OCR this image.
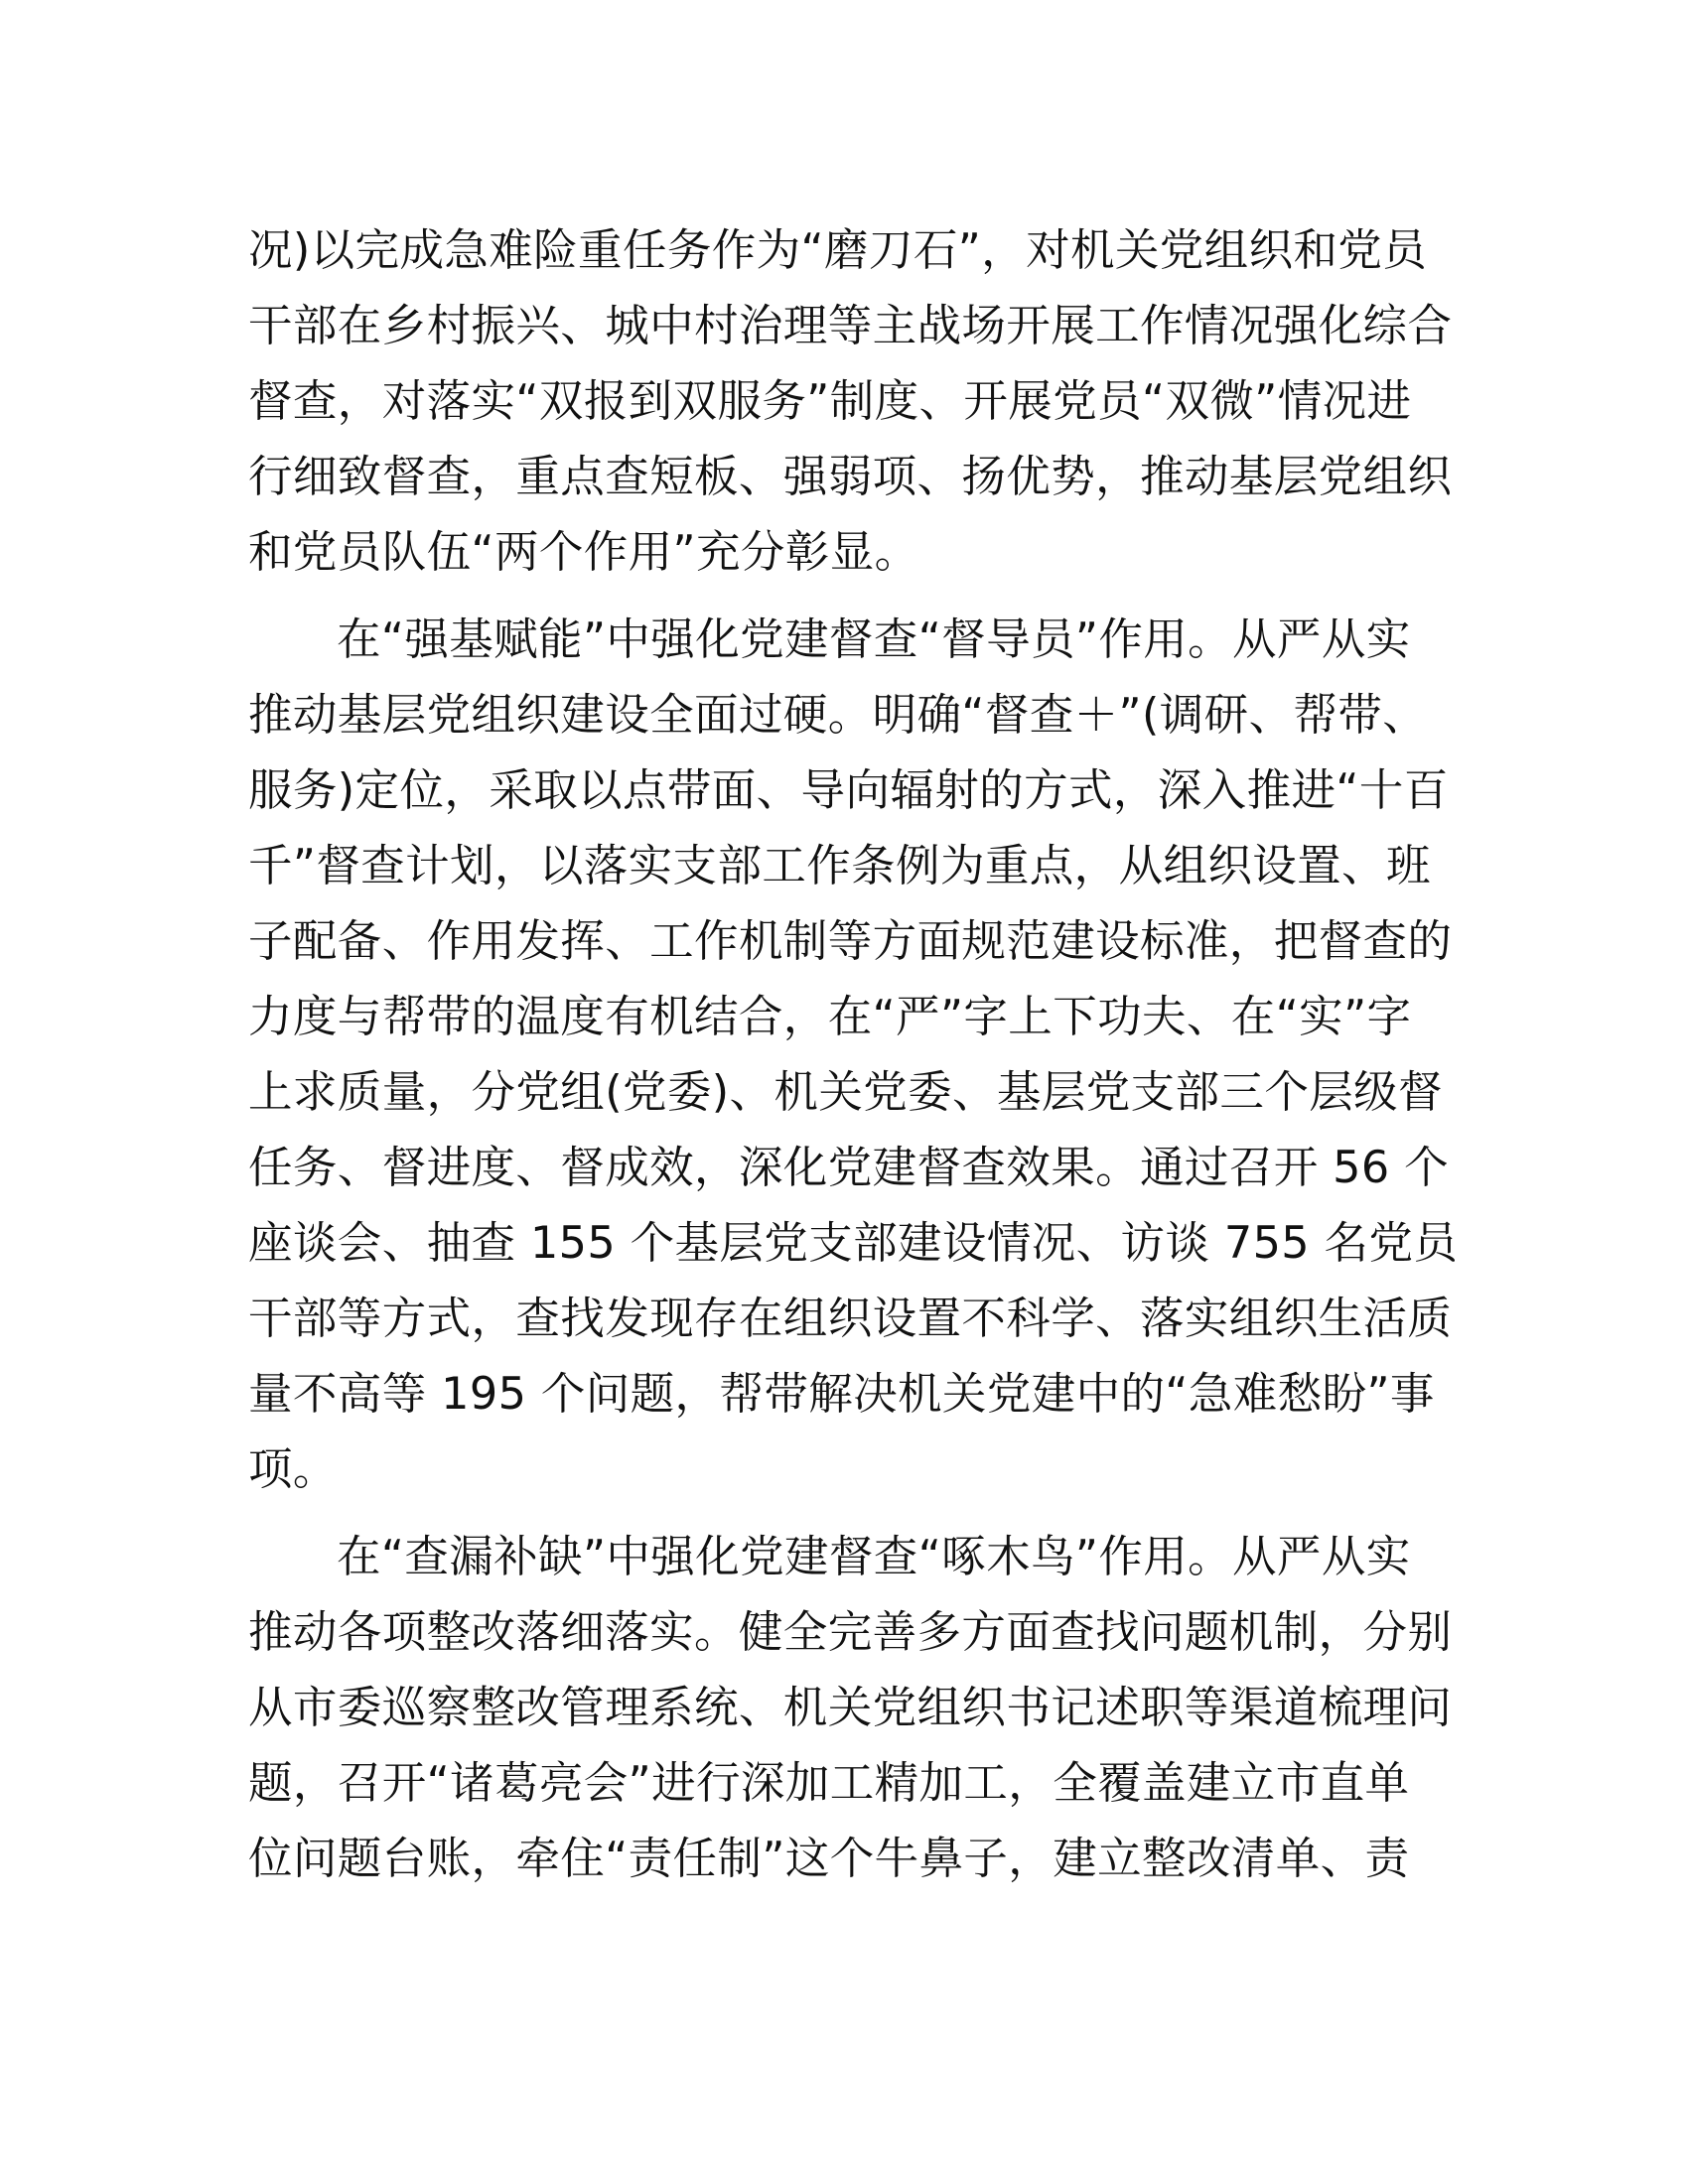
况)以完成急难险重任务作为“磨刀石”，对机关党组织和党员
干部在乡村振兴、城中村治理等主战场开展工作情况强化综合
督查，对落实“双报到双服务”制度、开展党员“双微”情况进
行细致督查，重点查短板、强弱项、扬优势，推动基层党组织
和党员队伍“两个作用”充分彰显。
在“强基赋能”中强化党建督查“督导员”作用。从严从实
推动基层党组织建设全面过硬。明确“督查＋”(调研、帮带、
服务)定位，采取以点带面、导向辐射的方式，深入推进“十百
千”督查计划，以落实支部工作条例为重点，从组织设置、班
子配备、作用发挥、工作机制等方面规范建设标准，把督查的
力度与帮带的温度有机结合，在“严”字上下功夫、在“实”字
上求质量，分党组(党委)、机关党委、基层党支部三个层级督
任务、督进度、督成效，深化党建督查效果。通过召开 56 个
座谈会、抽查 155 个基层党支部建设情况、访谈 755 名党员
干部等方式，查找发现存在组织设置不科学、落实组织生活质
量不高等 195 个问题，帮带解决机关党建中的“急难愁盼”事
项。
在“查漏补缺”中强化党建督查“啄木鸟”作用。从严从实
推动各项整改落细落实。健全完善多方面查找问题机制，分别
从市委巡察整改管理系统、机关党组织书记述职等渠道梳理问
题，召开“诸葛亮会”进行深加工精加工，全覆盖建立市直单
位问题台账，牵住“责任制”这个牛鼻子，建立整改清单、责
